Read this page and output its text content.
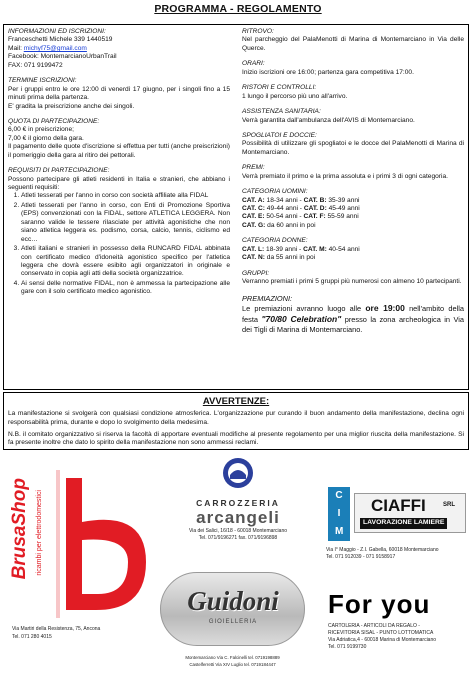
PROGRAMMA - REGOLAMENTO
INFORMAZIONI ED ISCRIZIONI:
Franceschetti Michele 339 1440519
Mail: michyf75@gmail.com
Facebook: MontemarcianoUrbanTrail
FAX: 071 9199472
TERMINE ISCRIZIONI:
Per i gruppi entro le ore 12:00 di venerdì 17 giugno, per i singoli fino a 15 minuti prima della partenza.
E' gradita la preiscrizione anche dei singoli.
QUOTA DI PARTECIPAZIONE:
6,00 € in preiscrizione;
7,00 € il giorno della gara.
Il pagamento delle quote d'iscrizione si effettua per tutti (anche preiscrizioni) il pomeriggio della gara al ritiro dei pettorali.
REQUISITI DI PARTECIPAZIONE:
Possono partecipare gli atleti residenti in Italia e stranieri, che abbiano i seguenti requisiti:
1. Atleti tesserati per l'anno in corso con società affiliate alla FIDAL
2. Atleti tesserati per l'anno in corso, con Enti di Promozione Sportiva (EPS) convenzionati con la FIDAL, settore ATLETICA LEGGERA. Non saranno valide le tessere rilasciate per attività agonistiche che non siano atletica leggera es. podismo, corsa, calcio, tennis, ciclismo ed ecc…
3. Atleti italiani e stranieri in possesso della RUNCARD FIDAL abbinata con certificato medico d'idoneità agonistico specifico per l'atletica leggera che dovrà essere esibito agli organizzatori in originale e conservato in copia agli atti della società organizzatrice.
4. Ai sensi delle normative FIDAL, non è ammessa la partecipazione alle gare con il solo certificato medico agonistico.
RITROVO:
Nel parcheggio del PalaMenotti di Marina di Montemarciano in Via delle Querce.
ORARI:
Inizio iscrizioni ore 16:00; partenza gara competitiva 17:00.
RISTORI E CONTROLLI:
1 lungo il percorso più uno all'arrivo.
ASSISTENZA SANITARIA:
Verrà garantita dall'ambulanza dell'AVIS di Montemarciano.
SPOGLIATOI E DOCCIE:
Possibilità di utilizzare gli spogliatoi e le docce del PalaMenotti di Marina di Montemarciano.
PREMI:
Verrà premiato il primo e la prima assoluta e i primi 3 di ogni categoria.
CATEGORIA UOMINI:
CAT. A: 18-34 anni - CAT. B: 35-39 anni
CAT. C: 49-44 anni - CAT. D: 45-49 anni
CAT. E: 50-54 anni - CAT. F: 55-59 anni
CAT. G: da 60 anni in poi
CATEGORIA DONNE:
CAT. L: 18-39 anni - CAT. M: 40-54 anni
CAT. N: da 55 anni in poi
GRUPPI:
Verranno premiati i primi 5 gruppi più numerosi con almeno 10 partecipanti.
PREMIAZIONI:
Le premiazioni avranno luogo alle ore 19:00 nell'ambito della festa "70/80 Celebration" presso la zona archeologica in Via dei Tigli di Marina di Montemarciano.
AVVERTENZE:
La manifestazione si svolgerà con qualsiasi condizione atmosferica. L'organizzazione pur curando il buon andamento della manifestazione, declina ogni responsabilità prima, durante e dopo lo svolgimento della medesima.
N.B. il comitato organizzativo si riserva la facoltà di apportare eventuali modifiche al presente regolamento per una miglior riuscita della manifestazione. Si fa presente inoltre che dato lo spirito della manifestazione non sono ammessi reclami.
BrusaShop ricambi per elettrodomestici
Via Martiri della Resistenza, 75, Ancona
Tel. 071 280 4015
CARROZZERIA
arcangeli
Via dei Salici, 16/18 - 60018 Montemarciano
Tel. 071/9196271 fax. 071/9196898
CIM
CIAFFI	SRL
LAVORAZIONE LAMIERE
Via I° Maggio - Z.I. Gabella, 60018 Montemarciano
Tel. 071 912039 - 071 9158917
Guidoni
GIOIELLERIA
Montemarciano Via C. Falcinelli tel. 0719198889
Castelferretti Via XIV Luglio tel. 0719184447
For you
CARTOLERIA - ARTICOLI DA REGALO -
RICEVITORIA SISAL - PUNTO LOTTOMATICA
Via Adriatica,4 - 60018 Marina di Montemarciano
Tel. 071 9199730
